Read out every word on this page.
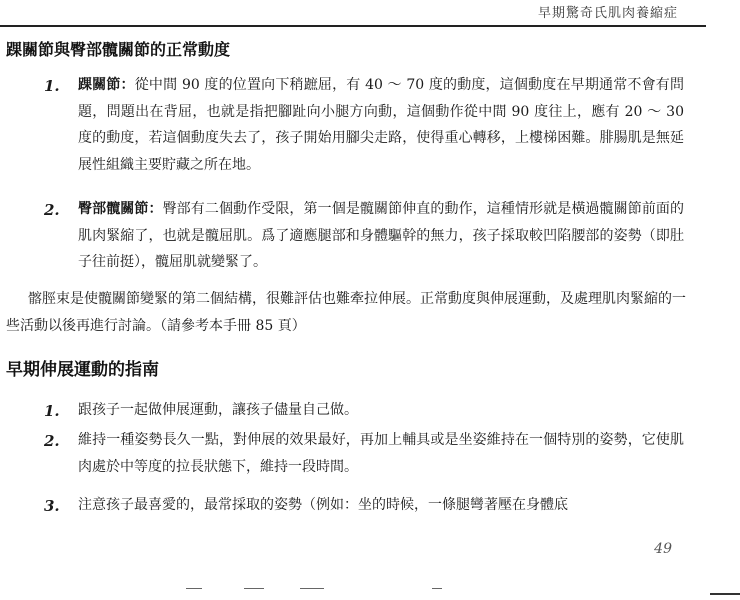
早期驚奇氏肌肉養縮症
踝關節與臀部髖關節的正常動度
1. 踝關節：從中間 90 度的位置向下稍蹠屈，有 40 ～ 70 度的動度，這個動度在早期通常不會有問題，問題出在背屈，也就是指把腳趾向小腿方向動，這個動作從中間 90 度往上，應有 20 ～ 30 度的動度，若這個動度失去了，孩子開始用腳尖走路，使得重心轉移，上樓梯困難。腓腸肌是無延展性組織主要貯藏之所在地。
2. 臀部髖關節：臀部有二個動作受限，第一個是髖關節伸直的動作，這種情形就是橫過髖關節前面的肌肉緊縮了，也就是髖屈肌。爲了適應腿部和身體驅幹的無力，孩子採取較凹陷腰部的姿勢（即肚子往前挺），髖屈肌就變緊了。
髂脛束是使髖關節變緊的第二個結構，很難評估也難牽拉伸展。正常動度與伸展運動，及處理肌肉緊縮的一些活動以後再進行討論。（請參考本手冊 85 頁）
早期伸展運動的指南
1. 跟孩子一起做伸展運動，讓孩子儘量自己做。
2. 維持一種姿勢長久一點，對伸展的效果最好，再加上輔具或是坐姿維持在一個特別的姿勢，它使肌肉處於中等度的拉長狀態下，維持一段時間。
3. 注意孩子最喜愛的，最常採取的姿勢（例如：坐的時候，一條腿彎著壓在身體底
49
